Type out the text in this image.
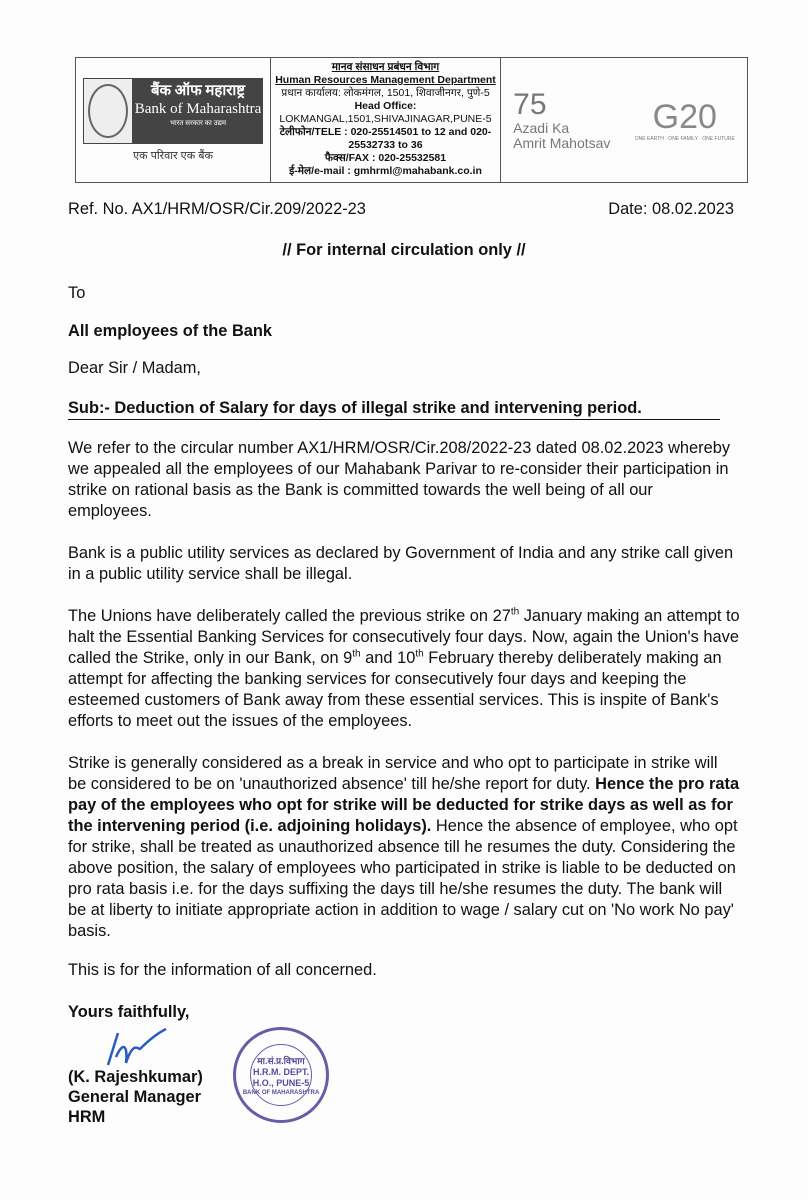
बैंक ऑफ महाराष्ट्र
Bank of Maharashtra
भारत सरकार का उद्यम
एक परिवार एक बैंक
मानव संसाधन प्रबंधन विभाग
Human Resources Management Department
प्रधान कार्यालय: लोकमंगल, 1501, शिवाजीनगर, पुणे-5
Head Office:
LOKMANGAL,1501,SHIVAJINAGAR,PUNE-5
टेलीफोन/TELE : 020-25514501 to 12 and 020-25532733 to 36
फैक्स/FAX : 020-25532581
ई-मेल/e-mail : gmhrml@mahabank.co.in
75
Azadi Ka
Amrit Mahotsav
G20
ONE EARTH · ONE FAMILY · ONE FUTURE
Ref. No. AX1/HRM/OSR/Cir.209/2022-23	Date: 08.02.2023
// For internal circulation only //
To
All employees of the Bank
Dear Sir / Madam,
Sub:- Deduction of Salary for days of illegal strike and intervening period.

We refer to the circular number AX1/HRM/OSR/Cir.208/2022-23 dated 08.02.2023 whereby we appealed all the employees of our Mahabank Parivar to re-consider their participation in strike on rational basis as the Bank is committed towards the well being of all our employees.

Bank is a public utility services as declared by Government of India and any strike call given in a public utility service shall be illegal.

The Unions have deliberately called the previous strike on 27th January making an attempt to halt the Essential Banking Services for consecutively four days. Now, again the Union's have called the Strike, only in our Bank, on 9th and 10th February thereby deliberately making an attempt for affecting the banking services for consecutively four days and keeping the esteemed customers of Bank away from these essential services. This is inspite of Bank's efforts to meet out the issues of the employees.

Strike is generally considered as a break in service and who opt to participate in strike will be considered to be on 'unauthorized absence' till he/she report for duty. Hence the pro rata pay of the employees who opt for strike will be deducted for strike days as well as for the intervening period (i.e. adjoining holidays). Hence the absence of employee, who opt for strike, shall be treated as unauthorized absence till he resumes the duty. Considering the above position, the salary of employees who participated in strike is liable to be deducted on pro rata basis i.e. for the days suffixing the days till he/she resumes the duty. The bank will be at liberty to initiate appropriate action in addition to wage / salary cut on 'No work No pay' basis.

This is for the information of all concerned.

Yours faithfully,
(K. Rajeshkumar)
General Manager
HRM
मा.सं.प्र.विभाग
H.R.M. DEPT.
H.O., PUNE-5
BANK OF MAHARASHTRA
